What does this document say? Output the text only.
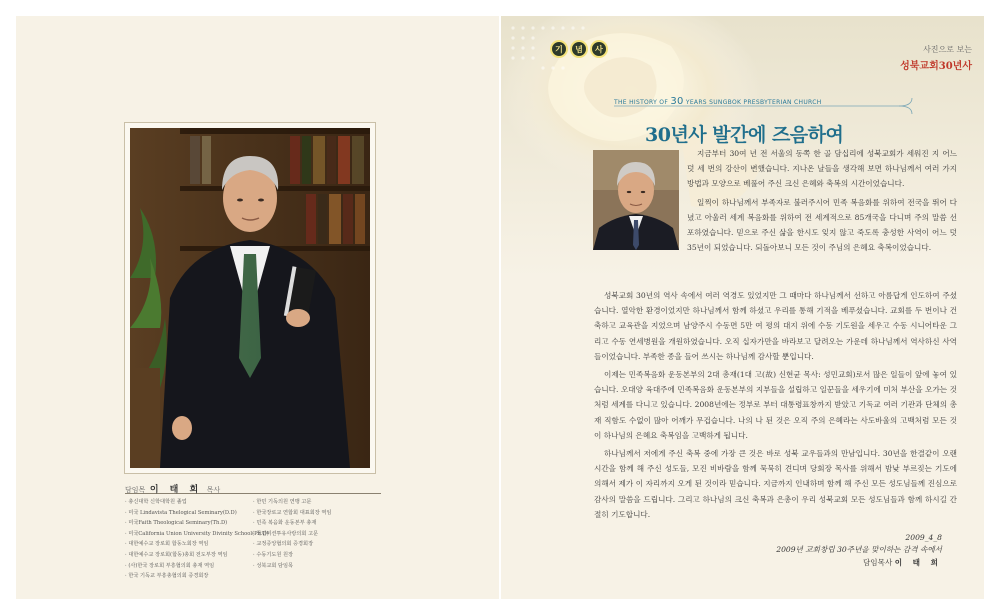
담임목 이 태 희 목사
· 총신대학 신학대학원 졸업
· 미국 Lindavista Thelogical Seminary(D.D)
· 미국Faith Theological Seminary(Th.D)
· 미국California Union University Divinity School(Ph.D)
· 대한예수교 장로회 합동노회장 역임
· 대한예수교 장로회(합동)총회 전도부장 역임
· (사)한국 장로회 부흥협의회 총재 역임
· 한국 기독교 부흥총협의회 증경회장
· 한민 기독의원 연맹 고문
· 한국장로교 연합회 대표회장 역임
· 민족 복음화 운동본부 총재
· 국민미션투유사랑의회 고문
· 교정증앙협의회 증경회장
· 수동기도원 원장
· 성북교회 담임목
사진으로 보는
성북교회30년사
기	념	사
THE HISTORY OF 30 YEARS SUNGBOK PRESBYTERIAN CHURCH
30년사 발간에 즈음하여

지금부터 30여 년 전 서울의 동쪽 한 골 담십리에 성북교회가 세워진 지 어느 덧 세 번의 강산이 변했습니다. 지나온 날들을 생각해 보면 하나님께서 여러 가지 방법과 모양으로 베풀어 주신 크신 은혜와 축복의 시간이었습니다.

일찍이 하나님께서 부족자로 불러주시어 민족 복음화를 위하여 전국을 뛰어 다녔고 아울러 세계 복음화를 위하여 전 세계적으로 85개국을 다니며 주의 말씀 선포하였습니다. 믿으로 주신 삶을 한시도 잊지 않고 죽도록 충성한 사역이 어느 덧 35년이 되었습니다. 되돌아보니 모든 것이 주님의 은혜요 축복이었습니다.

성북교회 30년의 역사 속에서 여러 역경도 있었지만 그 때마다 하나님께서 선하고 아름답게 인도하여 주셨습니다. 열악한 환경이었지만 하나님께서 함께 하셨고 우리를 통해 기적을 베푸셨습니다. 교회를 두 번이나 건축하고 교육관을 지었으며 남양주시 수동면 5만 여 평의 대지 위에 수동 기도원을 세우고 수동 시니어타운 그리고 수동 연세병원을 개원하였습니다. 오직 십자가만을 바라보고 달려오는 가운데 하나님께서 역사하신 사역들이었습니다. 부족한 종을 들어 쓰시는 하나님께 감사할 뿐입니다.

이제는 민족복음화 운동본부의 2대 총재(1대 고(故) 신현균 목사: 성민교회)로서 많은 일들이 앞에 놓여 있습니다. 오대양 육대주에 민족복음화 운동본부의 지부들을 설립하고 일꾼들을 세우기에 미처 부산을 오가는 것처럼 세계를 다니고 있습니다. 2008년에는 정부로 부터 대통령표창까지 받았고 기독교 여러 기관과 단체의 총재 직함도 수없이 많아 어깨가 무겁습니다. 나의 나 된 것은 오직 주의 은혜라는 사도바울의 고백처럼 모든 것이 하나님의 은혜요 축복임을 고백하게 됩니다.

하나님께서 저에게 주신 축복 중에 가장 큰 것은 바로 성북 교우들과의 만남입니다. 30년을 한결같이 오랜 시간을 함께 해 주신 성도들, 모진 비바람을 함께 묵묵히 견디며 당회장 목사를 위해서 밤낮 부르짖는 기도에 의해서 제가 이 자리까지 오게 된 것이라 믿습니다. 지금까지 인내하며 함께 해 주신 모든 성도님들께 진심으로 감사의 말씀을 드립니다. 그리고 하나님의 크신 축복과 은총이 우리 성북교회 모든 성도님들과 함께 하시길 간절히 기도합니다.

2009_4_8
2009년 교회창립 30주년을 맞이하는 감격 속에서
담임목사 이 태 희
